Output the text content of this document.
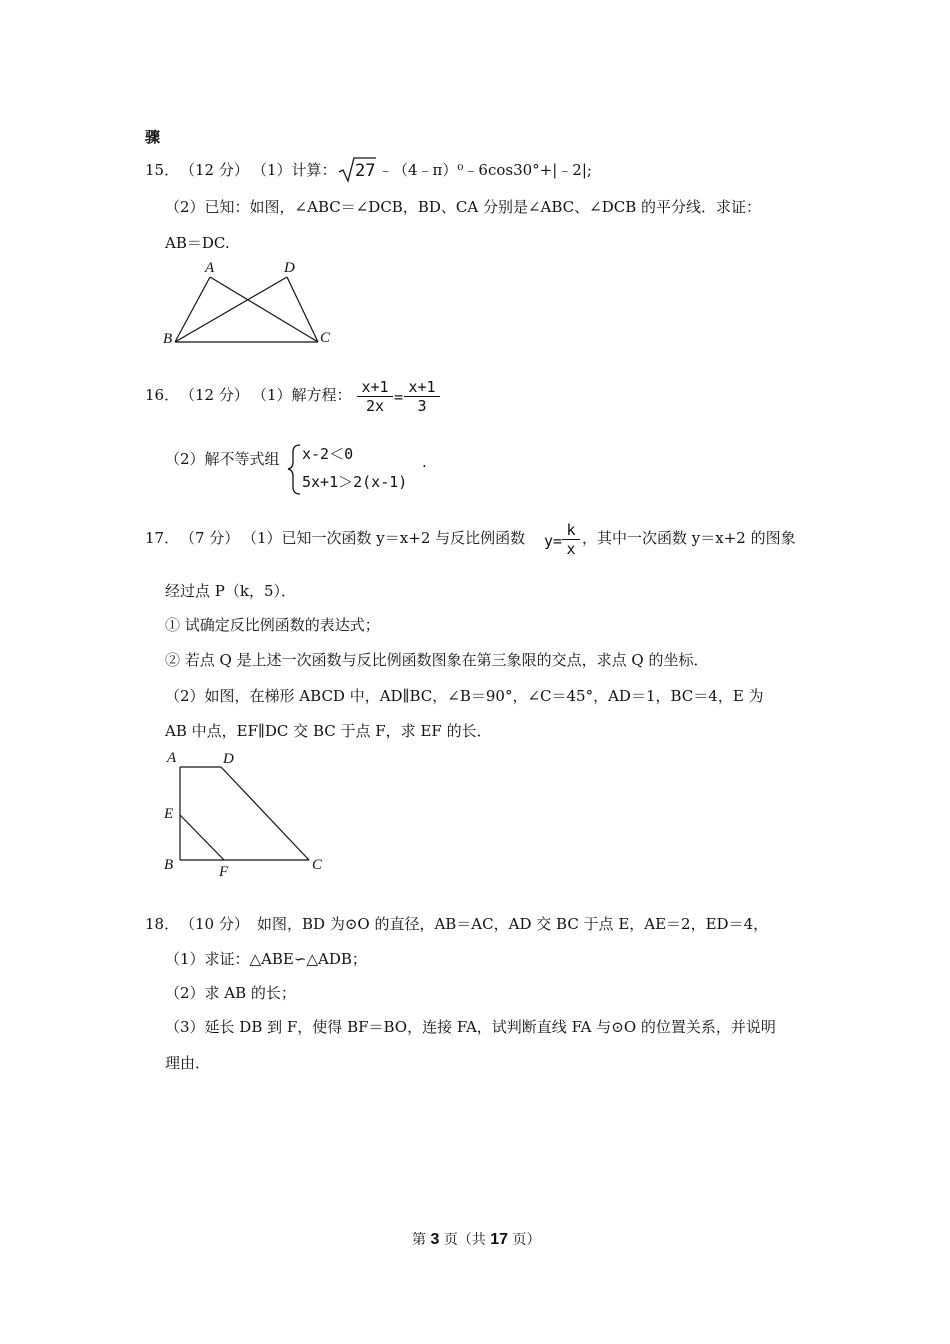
骤
15． （12 分） （1）计算： 27 ﹣（4﹣π）⁰﹣6cos30°+|﹣2|;
（2）已知：如图，∠ABC＝∠DCB，BD、CA 分别是∠ABC、∠DCB 的平分线．求证：
AB＝DC.
A	D
B	C
16． （12 分） （1）解方程： $\frac{x+1}{2x} = \frac{x+1}{3}$
（2）解不等式组 x-2＜0
5x+1＞2(x-1)
.
17． （7 分） （1）已知一次函数 y＝x+2 与反比例函数 $y= \frac{k}{x}$ ，其中一次函数 y＝x+2 的图象
经过点 P（k，5）．
① 试确定反比例函数的表达式；
② 若点 Q 是上述一次函数与反比例函数图象在第三象限的交点，求点 Q 的坐标．
（2）如图，在梯形 ABCD 中，AD∥BC，∠B＝90°，∠C＝45°，AD＝1，BC＝4，E 为
AB 中点，EF∥DC 交 BC 于点 F，求 EF 的长．
A	D
E
B	F	C
18． （10 分） 如图，BD 为⊙O 的直径，AB＝AC，AD 交 BC 于点 E，AE＝2，ED＝4，
（1）求证：△ABE∽△ADB；
（2）求 AB 的长；
（3）延长 DB 到 F，使得 BF＝BO，连接 FA，试判断直线 FA 与⊙O 的位置关系，并说明
理由．
第 3 页（共 17 页）
